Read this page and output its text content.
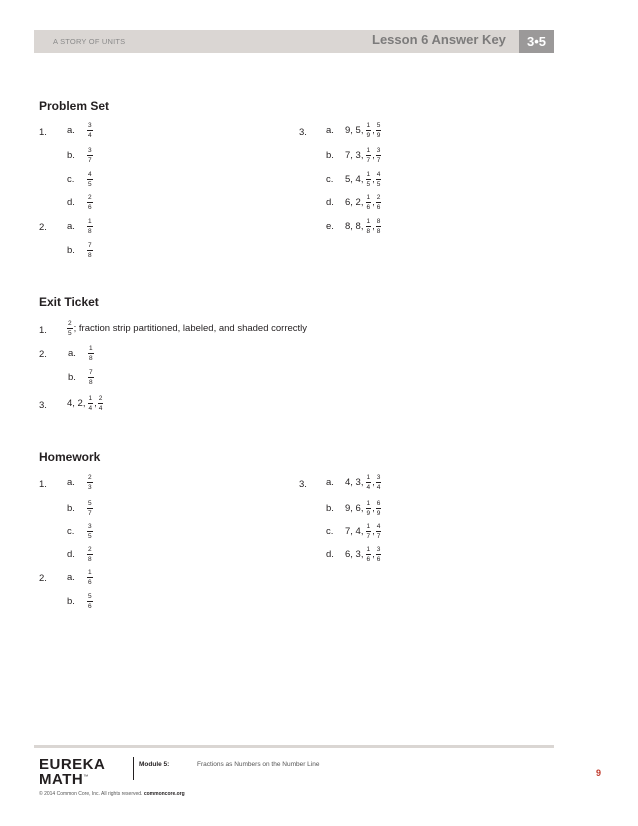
A STORY OF UNITS	Lesson 6 Answer Key	3•5
Problem Set
1. a.	$\frac{3}{4}$
b.	$\frac{3}{7}$
c.	$\frac{4}{5}$
d.	$\frac{2}{6}$
2. a.	$\frac{1}{8}$
b.	$\frac{7}{8}$
3. a.	9, 5, $\frac{1}{9}$ , $\frac{5}{9}$
b.	7, 3, $\frac{1}{7}$ , $\frac{3}{7}$
c.	5, 4, $\frac{1}{5}$ , $\frac{4}{5}$
d.	6, 2, $\frac{1}{6}$ , $\frac{2}{6}$
e.	8, 8, $\frac{1}{8}$ , $\frac{8}{8}$
Exit Ticket
1.	$\frac{2}{5}$ ; fraction strip partitioned, labeled, and shaded correctly
2. a.	$\frac{1}{8}$
b.	$\frac{7}{8}$
3. 4, 2, $\frac{1}{4}$ , $\frac{2}{4}$
Homework
1. a.	$\frac{2}{3}$
b.	$\frac{5}{7}$
c.	$\frac{3}{5}$
d.	$\frac{2}{8}$
2. a.	$\frac{1}{6}$
b.	$\frac{5}{6}$
3. a.	4, 3, $\frac{1}{4}$ , $\frac{3}{4}$
b.	9, 6, $\frac{1}{9}$ , $\frac{6}{9}$
c.	7, 4, $\frac{1}{7}$ , $\frac{4}{7}$
d.	6, 3, $\frac{1}{6}$ , $\frac{3}{6}$
EUREKA
MATH™
Module 5:	Fractions as Numbers on the Number Line
9
© 2014 Common Core, Inc. All rights reserved. commoncore.org
